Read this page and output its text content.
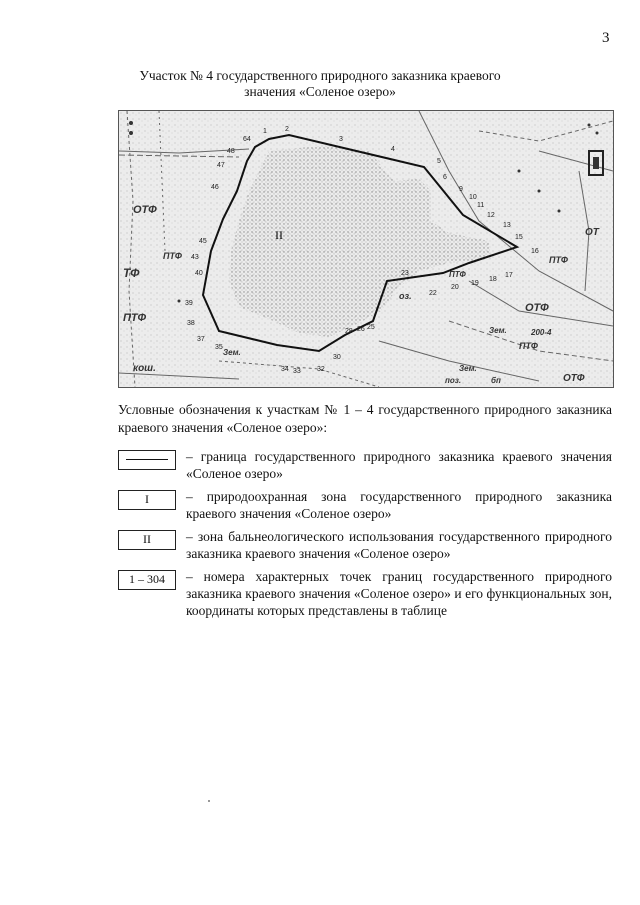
3
Участок № 4 государственного природного заказника краевого
значения «Соленое озеро»
II
1	2
3
4
5
6
9
10
11
12
13
15
16
17
18
19
20
22
23
25
26
28
30
32
33
34
35
37
38
39
40
43
45
46
47
48
64
ОТФ
ПТФ
ТФ
ПТФ
ПТФ
ОТФ
ПТФ
ОТФ
ОТ
кош.
Зем.
Зем.
Зем.
200-4
поз.	бп
ПТФ
оз.
Условные обозначения к участкам № 1 – 4 государственного природного заказника краевого значения «Соленое озеро»:
– граница государственного природного заказника краевого значения «Соленое озеро»
I	– природоохранная зона государственного природного заказника краевого значения «Соленое озеро»
II	– зона бальнеологического использования государственного природного заказника краевого значения «Соленое озеро»
1 – 304	– номера характерных точек границ государственного природного заказника краевого значения «Соленое озеро» и его функциональных зон, координаты которых представлены в таблице
